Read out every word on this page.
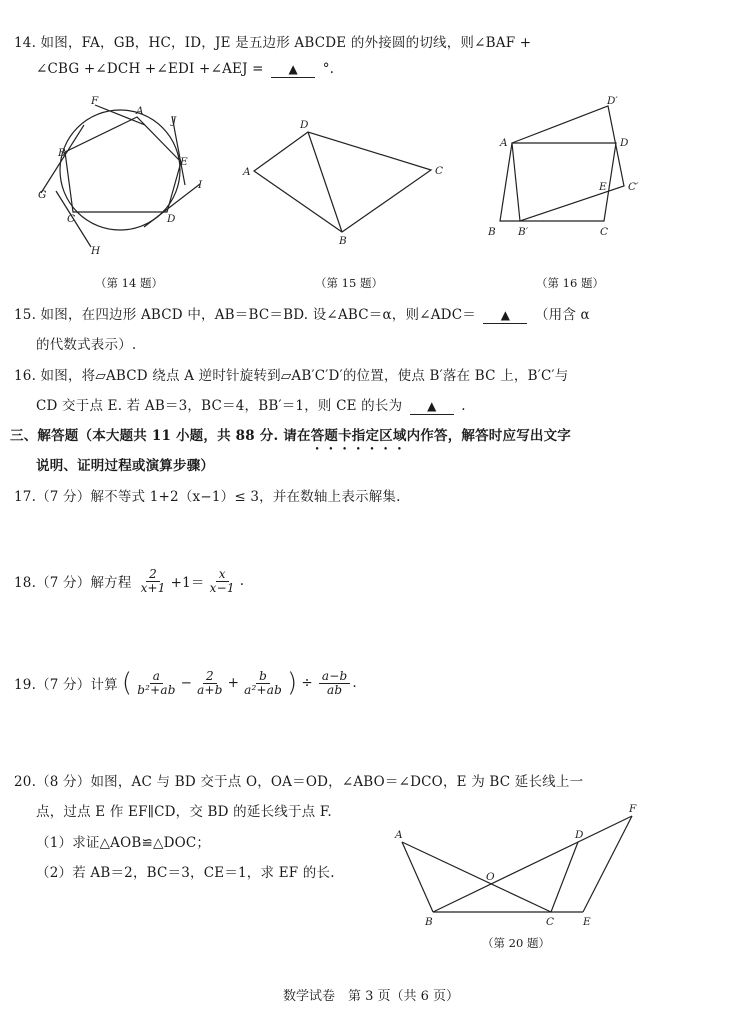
14. 如图，FA，GB，HC，ID，JE 是五边形 ABCDE 的外接圆的切线，则∠BAF +
∠CBG +∠DCH +∠EDI +∠AEJ = ▲ °.
F
A
J
B
E
G
I
C	D
H
D
A	C
B
D′
A	D
E C′
B B′	C
（第 14 题）	（第 15 题）	（第 16 题）
15. 如图，在四边形 ABCD 中，AB＝BC＝BD. 设∠ABC＝α，则∠ADC＝ ▲ （用含 α
的代数式表示）.
16. 如图，将▱ABCD 绕点 A 逆时针旋转到▱AB′C′D′的位置，使点 B′落在 BC 上，B′C′与
CD 交于点 E. 若 AB＝3，BC＝4，BB′＝1，则 CE 的长为 ▲ .
三、解答题（本大题共 11 小题，共 88 分. 请在答题卡指定区域内作答，解答时应写出文字
说明、证明过程或演算步骤）
17.（7 分）解不等式 1+2（x−1）≤ 3，并在数轴上表示解集.
18.（7 分）解方程 $\frac{2}{x+1} +1= \frac{x}{x-1}$ .
19.（7 分）计算 ( $\frac{a}{\text{b²+ab}} - \frac{2}{a+b} + \frac{b}{\text{a²+ab}}$ ) ÷ $\frac{a-b}{ab}$ .
20.（8 分）如图，AC 与 BD 交于点 O，OA＝OD，∠ABO＝∠DCO，E 为 BC 延长线上一
点，过点 E 作 EF∥CD，交 BD 的延长线于点 F.
（1）求证△AOB≌△DOC；
（2）若 AB＝2，BC＝3，CE＝1，求 EF 的长.
F
A	D
O
B	C	E
（第 20 题）
数学试卷　第 3 页（共 6 页）
